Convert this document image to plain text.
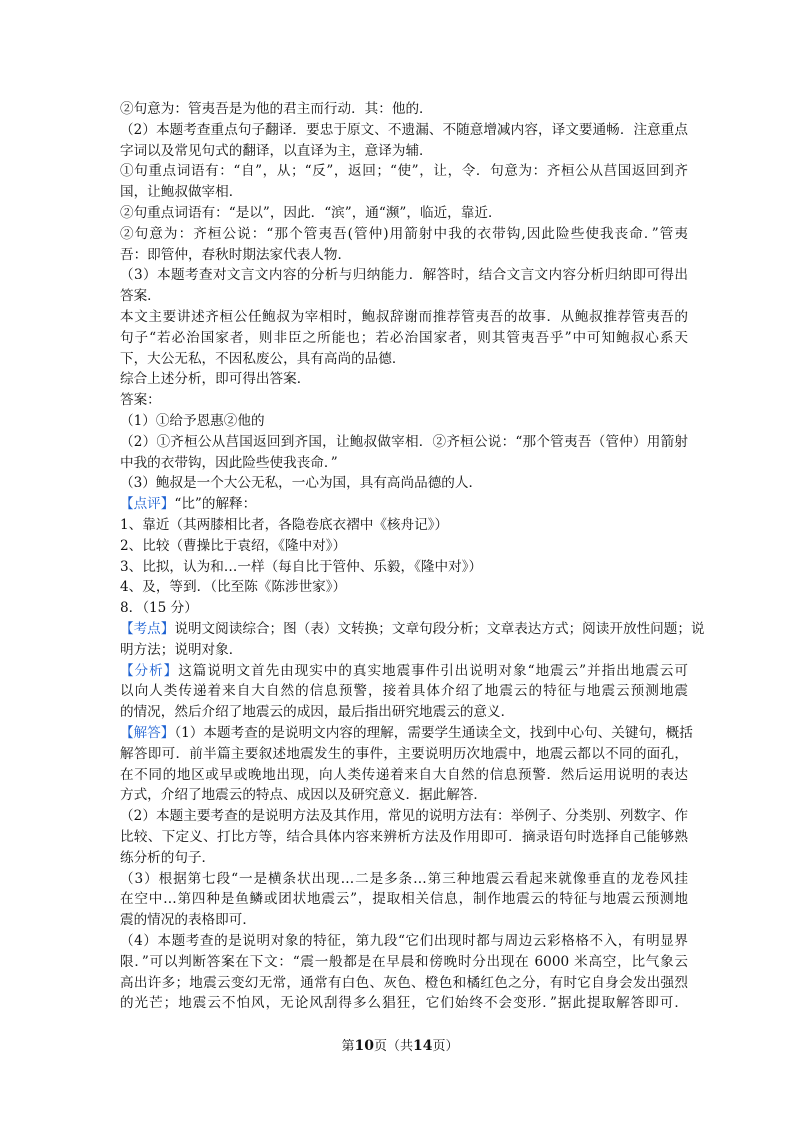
②句意为：管夷吾是为他的君主而行动．其：他的．
（2）本题考查重点句子翻译．要忠于原文、不遗漏、不随意增减内容，译文要通畅．注意重点
字词以及常见句式的翻译，以直译为主，意译为辅．
①句重点词语有：“自”，从；“反”，返回；“使”，让，令．句意为：齐桓公从莒国返回到齐
国，让鲍叔做宰相．
②句重点词语有：“是以”，因此．“滨”，通“濒”，临近，靠近．
②句意为：齐桓公说：“那个管夷吾(管仲)用箭射中我的衣带钩,因此险些使我丧命．”管夷
吾：即管仲，春秋时期法家代表人物．
（3）本题考查对文言文内容的分析与归纳能力．解答时，结合文言文内容分析归纳即可得出
答案．
本文主要讲述齐桓公任鲍叔为宰相时，鲍叔辞谢而推荐管夷吾的故事．从鲍叔推荐管夷吾的
句子“若必治国家者，则非臣之所能也；若必治国家者，则其管夷吾乎”中可知鲍叔心系天
下，大公无私，不因私废公，具有高尚的品德．
综合上述分析，即可得出答案．
答案：
（1）①给予恩惠②他的
（2）①齐桓公从莒国返回到齐国，让鲍叔做宰相．②齐桓公说：“那个管夷吾（管仲）用箭射
中我的衣带钩，因此险些使我丧命．”
（3）鲍叔是一个大公无私，一心为国，具有高尚品德的人．
【点评】“比”的解释：
1、靠近（其两膝相比者，各隐卷底衣褶中《核舟记》）
2、比较（曹操比于袁绍，《隆中对》）
3、比拟，认为和…一样（每自比于管仲、乐毅，《隆中对》）
4、及，等到．（比至陈《陈涉世家》）
8．（15 分）
【考点】说明文阅读综合；图（表）文转换；文章句段分析；文章表达方式；阅读开放性问题；说
明方法；说明对象．
【分析】这篇说明文首先由现实中的真实地震事件引出说明对象“地震云”并指出地震云可
以向人类传递着来自大自然的信息预警，接着具体介绍了地震云的特征与地震云预测地震
的情况，然后介绍了地震云的成因，最后指出研究地震云的意义．
【解答】（1）本题考查的是说明文内容的理解，需要学生通读全文，找到中心句、关键句，概括
解答即可．前半篇主要叙述地震发生的事件，主要说明历次地震中，地震云都以不同的面孔，
在不同的地区或早或晚地出现，向人类传递着来自大自然的信息预警．然后运用说明的表达
方式，介绍了地震云的特点、成因以及研究意义．据此解答．
（2）本题主要考查的是说明方法及其作用，常见的说明方法有：举例子、分类别、列数字、作
比较、下定义、打比方等，结合具体内容来辨析方法及作用即可．摘录语句时选择自己能够熟
练分析的句子．
（3）根据第七段“一是横条状出现…二是多条…第三种地震云看起来就像垂直的龙卷风挂
在空中…第四种是鱼鳞或团状地震云”，提取相关信息，制作地震云的特征与地震云预测地
震的情况的表格即可．
（4）本题考查的是说明对象的特征，第九段“它们出现时都与周边云彩格格不入，有明显界
限．”可以判断答案在下文：“震一般都是在早晨和傍晚时分出现在 6000 米高空，比气象云
高出许多；地震云变幻无常，通常有白色、灰色、橙色和橘红色之分，有时它自身会发出强烈
的光芒；地震云不怕风，无论风刮得多么猖狂，它们始终不会变形．”据此提取解答即可．
第10页（共14页）
